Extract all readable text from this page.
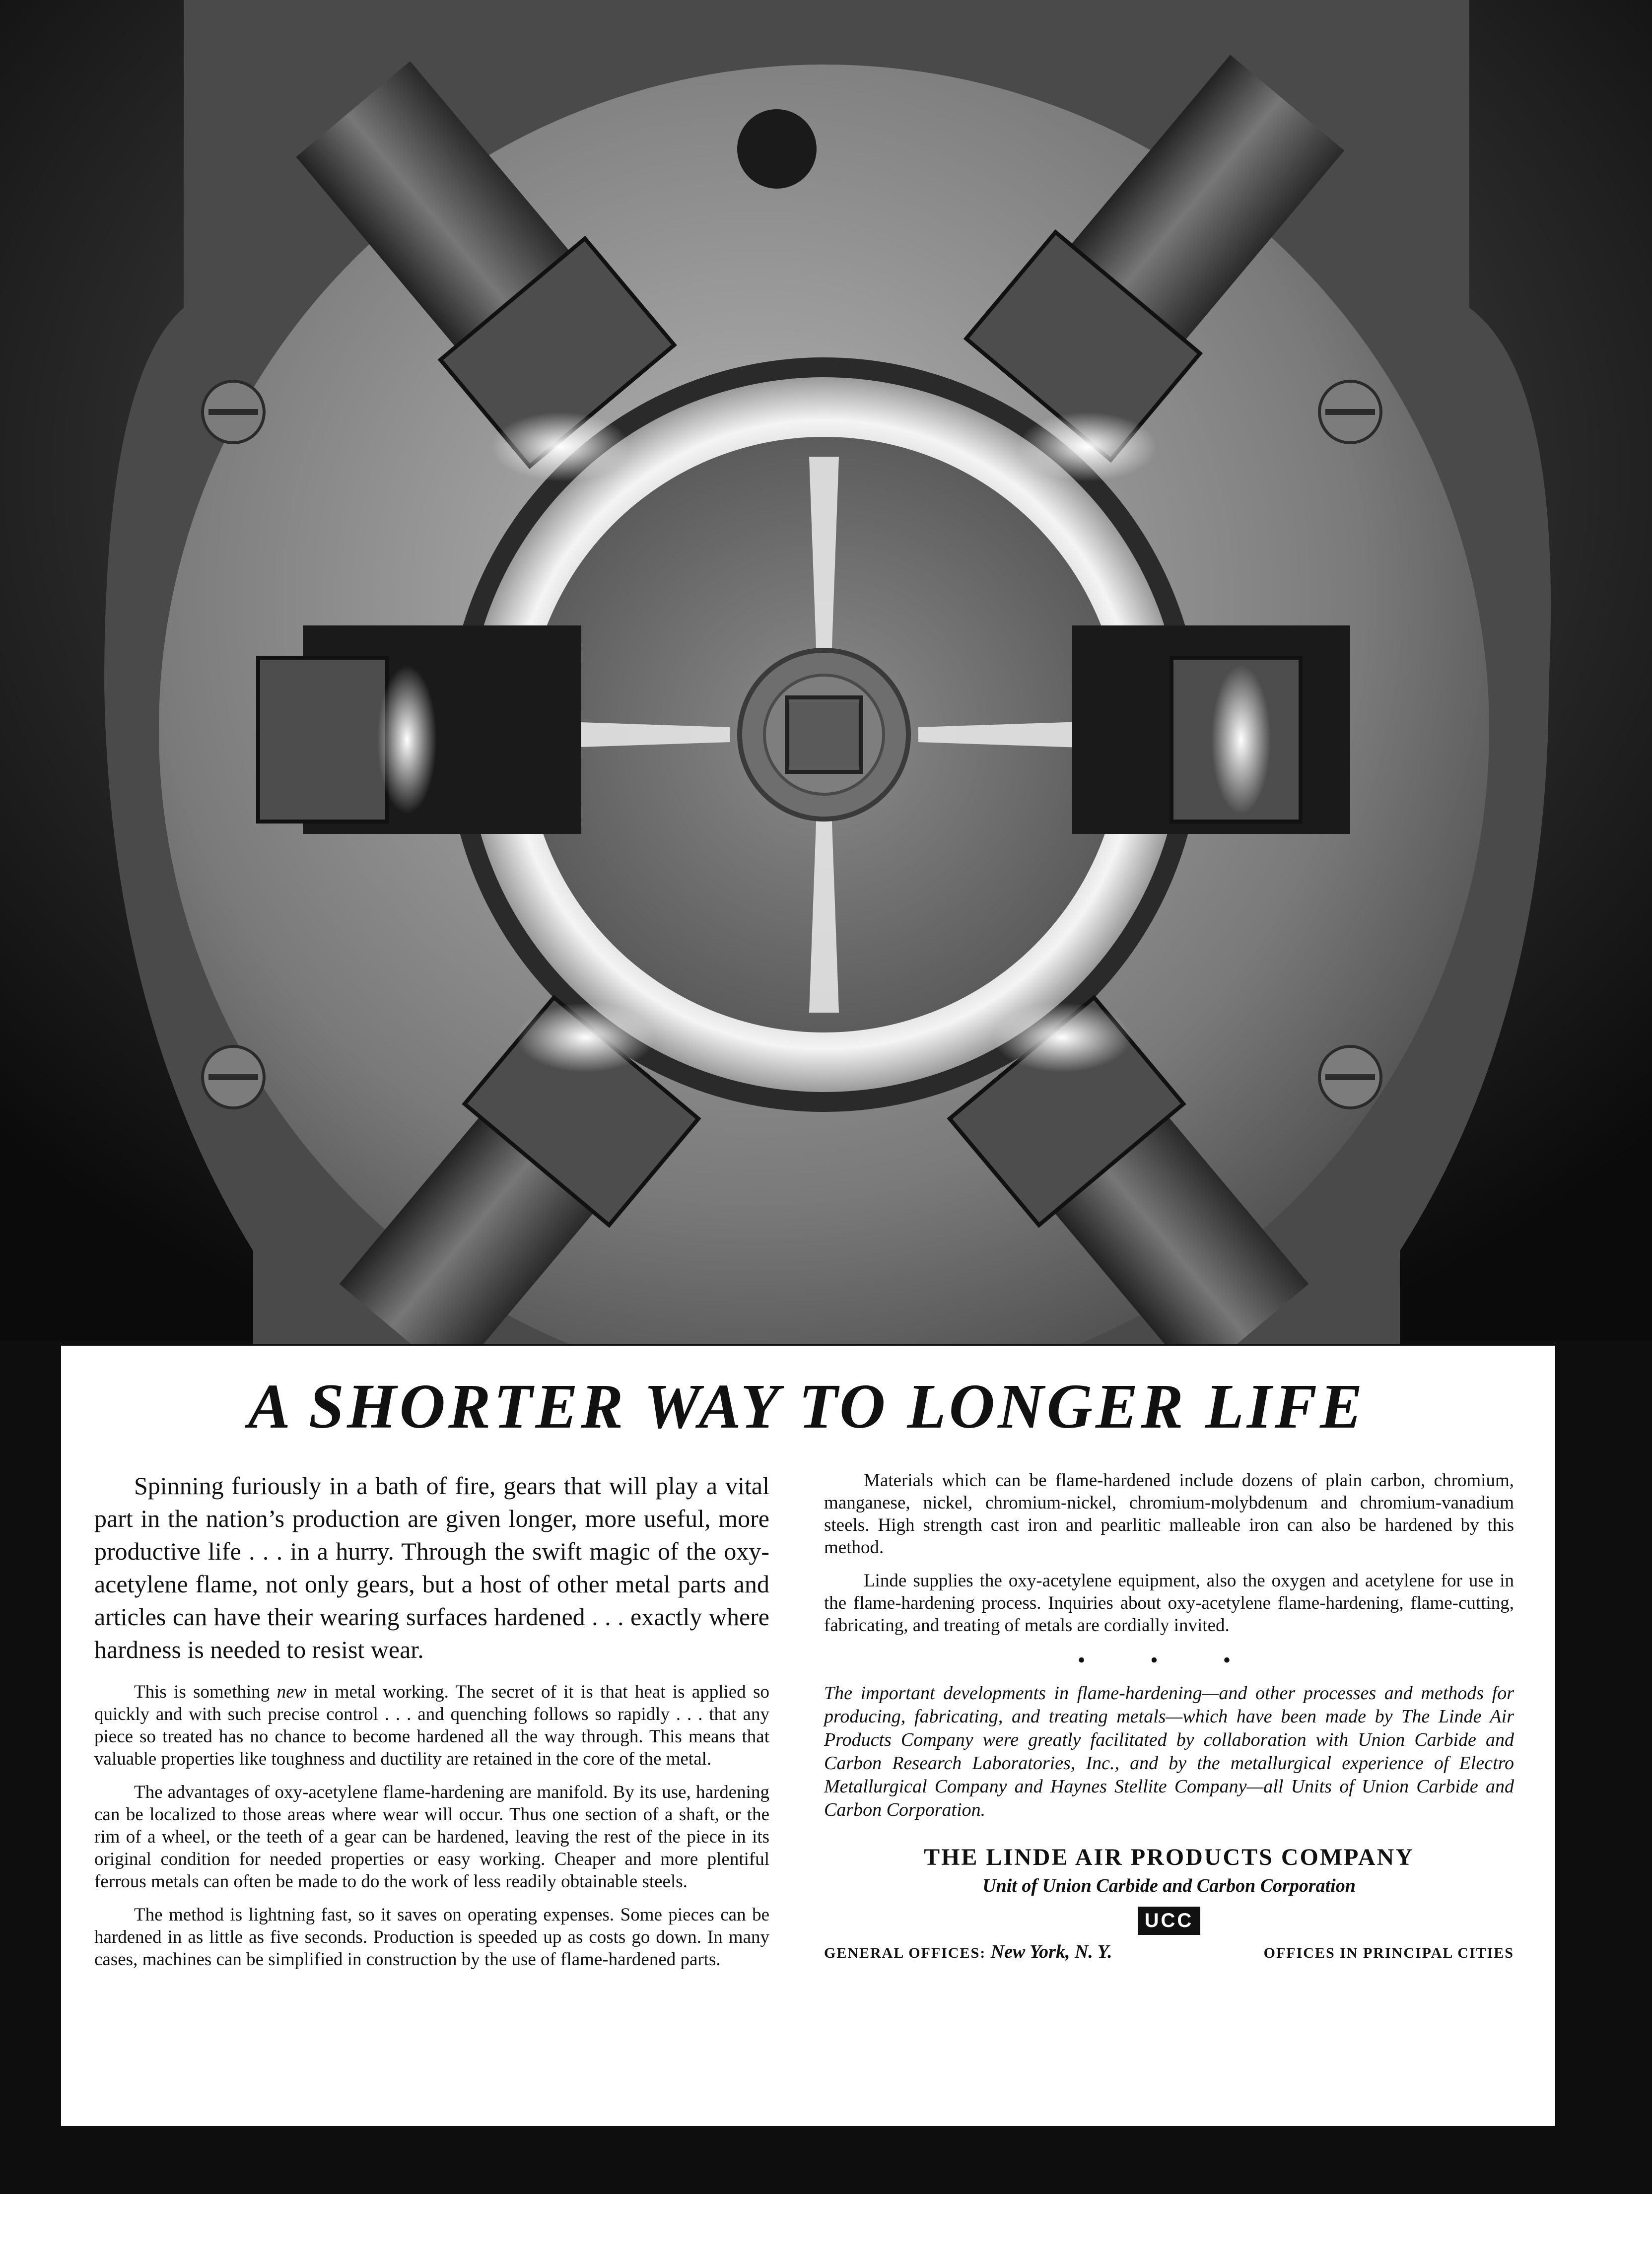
A SHORTER WAY TO LONGER LIFE

Spinning furiously in a bath of fire, gears that will play a vital part in the nation’s production are given longer, more useful, more productive life . . . in a hurry. Through the swift magic of the oxy-acetylene flame, not only gears, but a host of other metal parts and articles can have their wearing surfaces hardened . . . exactly where hardness is needed to resist wear.

This is something new in metal working. The secret of it is that heat is applied so quickly and with such precise control . . . and quenching follows so rapidly . . . that any piece so treated has no chance to become hardened all the way through. This means that valuable properties like toughness and ductility are retained in the core of the metal.

The advantages of oxy-acetylene flame-hardening are manifold. By its use, hardening can be localized to those areas where wear will occur. Thus one section of a shaft, or the rim of a wheel, or the teeth of a gear can be hardened, leaving the rest of the piece in its original condition for needed properties or easy working. Cheaper and more plentiful ferrous metals can often be made to do the work of less readily obtainable steels.

The method is lightning fast, so it saves on operating expenses. Some pieces can be hardened in as little as five seconds. Production is speeded up as costs go down. In many cases, machines can be simplified in construction by the use of flame-hardened parts.

Materials which can be flame-hardened include dozens of plain carbon, chromium, manganese, nickel, chromium-nickel, chromium-molybdenum and chromium-vanadium steels. High strength cast iron and pearlitic malleable iron can also be hardened by this method.

Linde supplies the oxy-acetylene equipment, also the oxygen and acetylene for use in the flame-hardening process. Inquiries about oxy-acetylene flame-hardening, flame-cutting, fabricating, and treating of metals are cordially invited.

• • •

The important developments in flame-hardening—and other processes and methods for producing, fabricating, and treating metals—which have been made by The Linde Air Products Company were greatly facilitated by collaboration with Union Carbide and Carbon Research Laboratories, Inc., and by the metallurgical experience of Electro Metallurgical Company and Haynes Stellite Company—all Units of Union Carbide and Carbon Corporation.

THE LINDE AIR PRODUCTS COMPANY

Unit of Union Carbide and Carbon Corporation

UCC
GENERAL OFFICES: New York, N. Y.	OFFICES IN PRINCIPAL CITIES
